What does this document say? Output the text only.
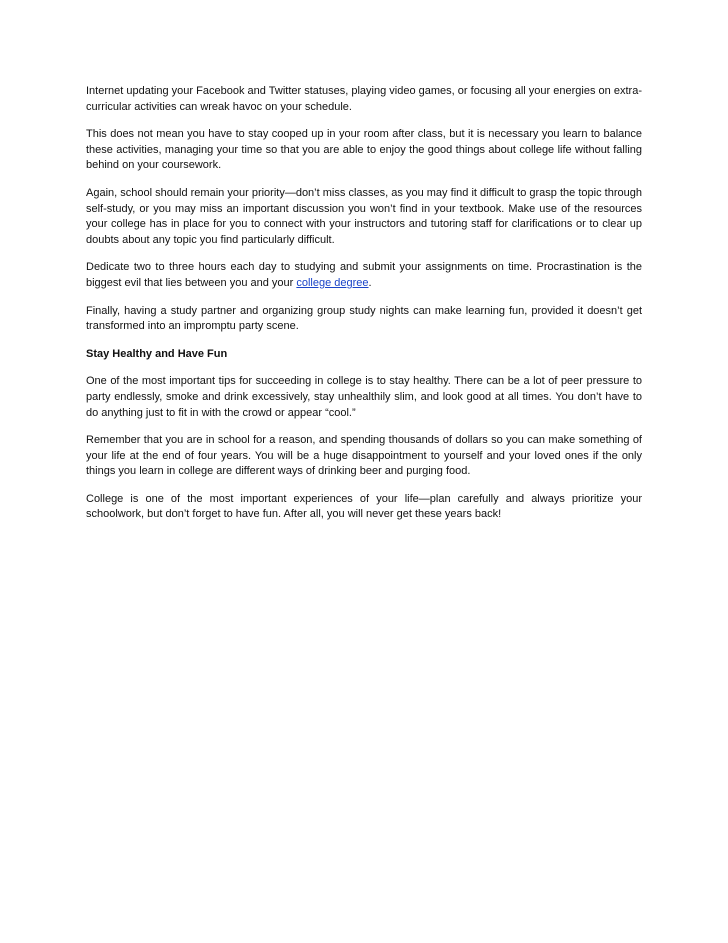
Internet updating your Facebook and Twitter statuses, playing video games, or focusing all your energies on extra-curricular activities can wreak havoc on your schedule.

This does not mean you have to stay cooped up in your room after class, but it is necessary you learn to balance these activities, managing your time so that you are able to enjoy the good things about college life without falling behind on your coursework.

Again, school should remain your priority—don’t miss classes, as you may find it difficult to grasp the topic through self-study, or you may miss an important discussion you won’t find in your textbook. Make use of the resources your college has in place for you to connect with your instructors and tutoring staff for clarifications or to clear up doubts about any topic you find particularly difficult.

Dedicate two to three hours each day to studying and submit your assignments on time. Procrastination is the biggest evil that lies between you and your college degree.

Finally, having a study partner and organizing group study nights can make learning fun, provided it doesn’t get transformed into an impromptu party scene.

Stay Healthy and Have Fun

One of the most important tips for succeeding in college is to stay healthy. There can be a lot of peer pressure to party endlessly, smoke and drink excessively, stay unhealthily slim, and look good at all times. You don’t have to do anything just to fit in with the crowd or appear “cool.”

Remember that you are in school for a reason, and spending thousands of dollars so you can make something of your life at the end of four years. You will be a huge disappointment to yourself and your loved ones if the only things you learn in college are different ways of drinking beer and purging food.

College is one of the most important experiences of your life—plan carefully and always prioritize your schoolwork, but don’t forget to have fun. After all, you will never get these years back!
